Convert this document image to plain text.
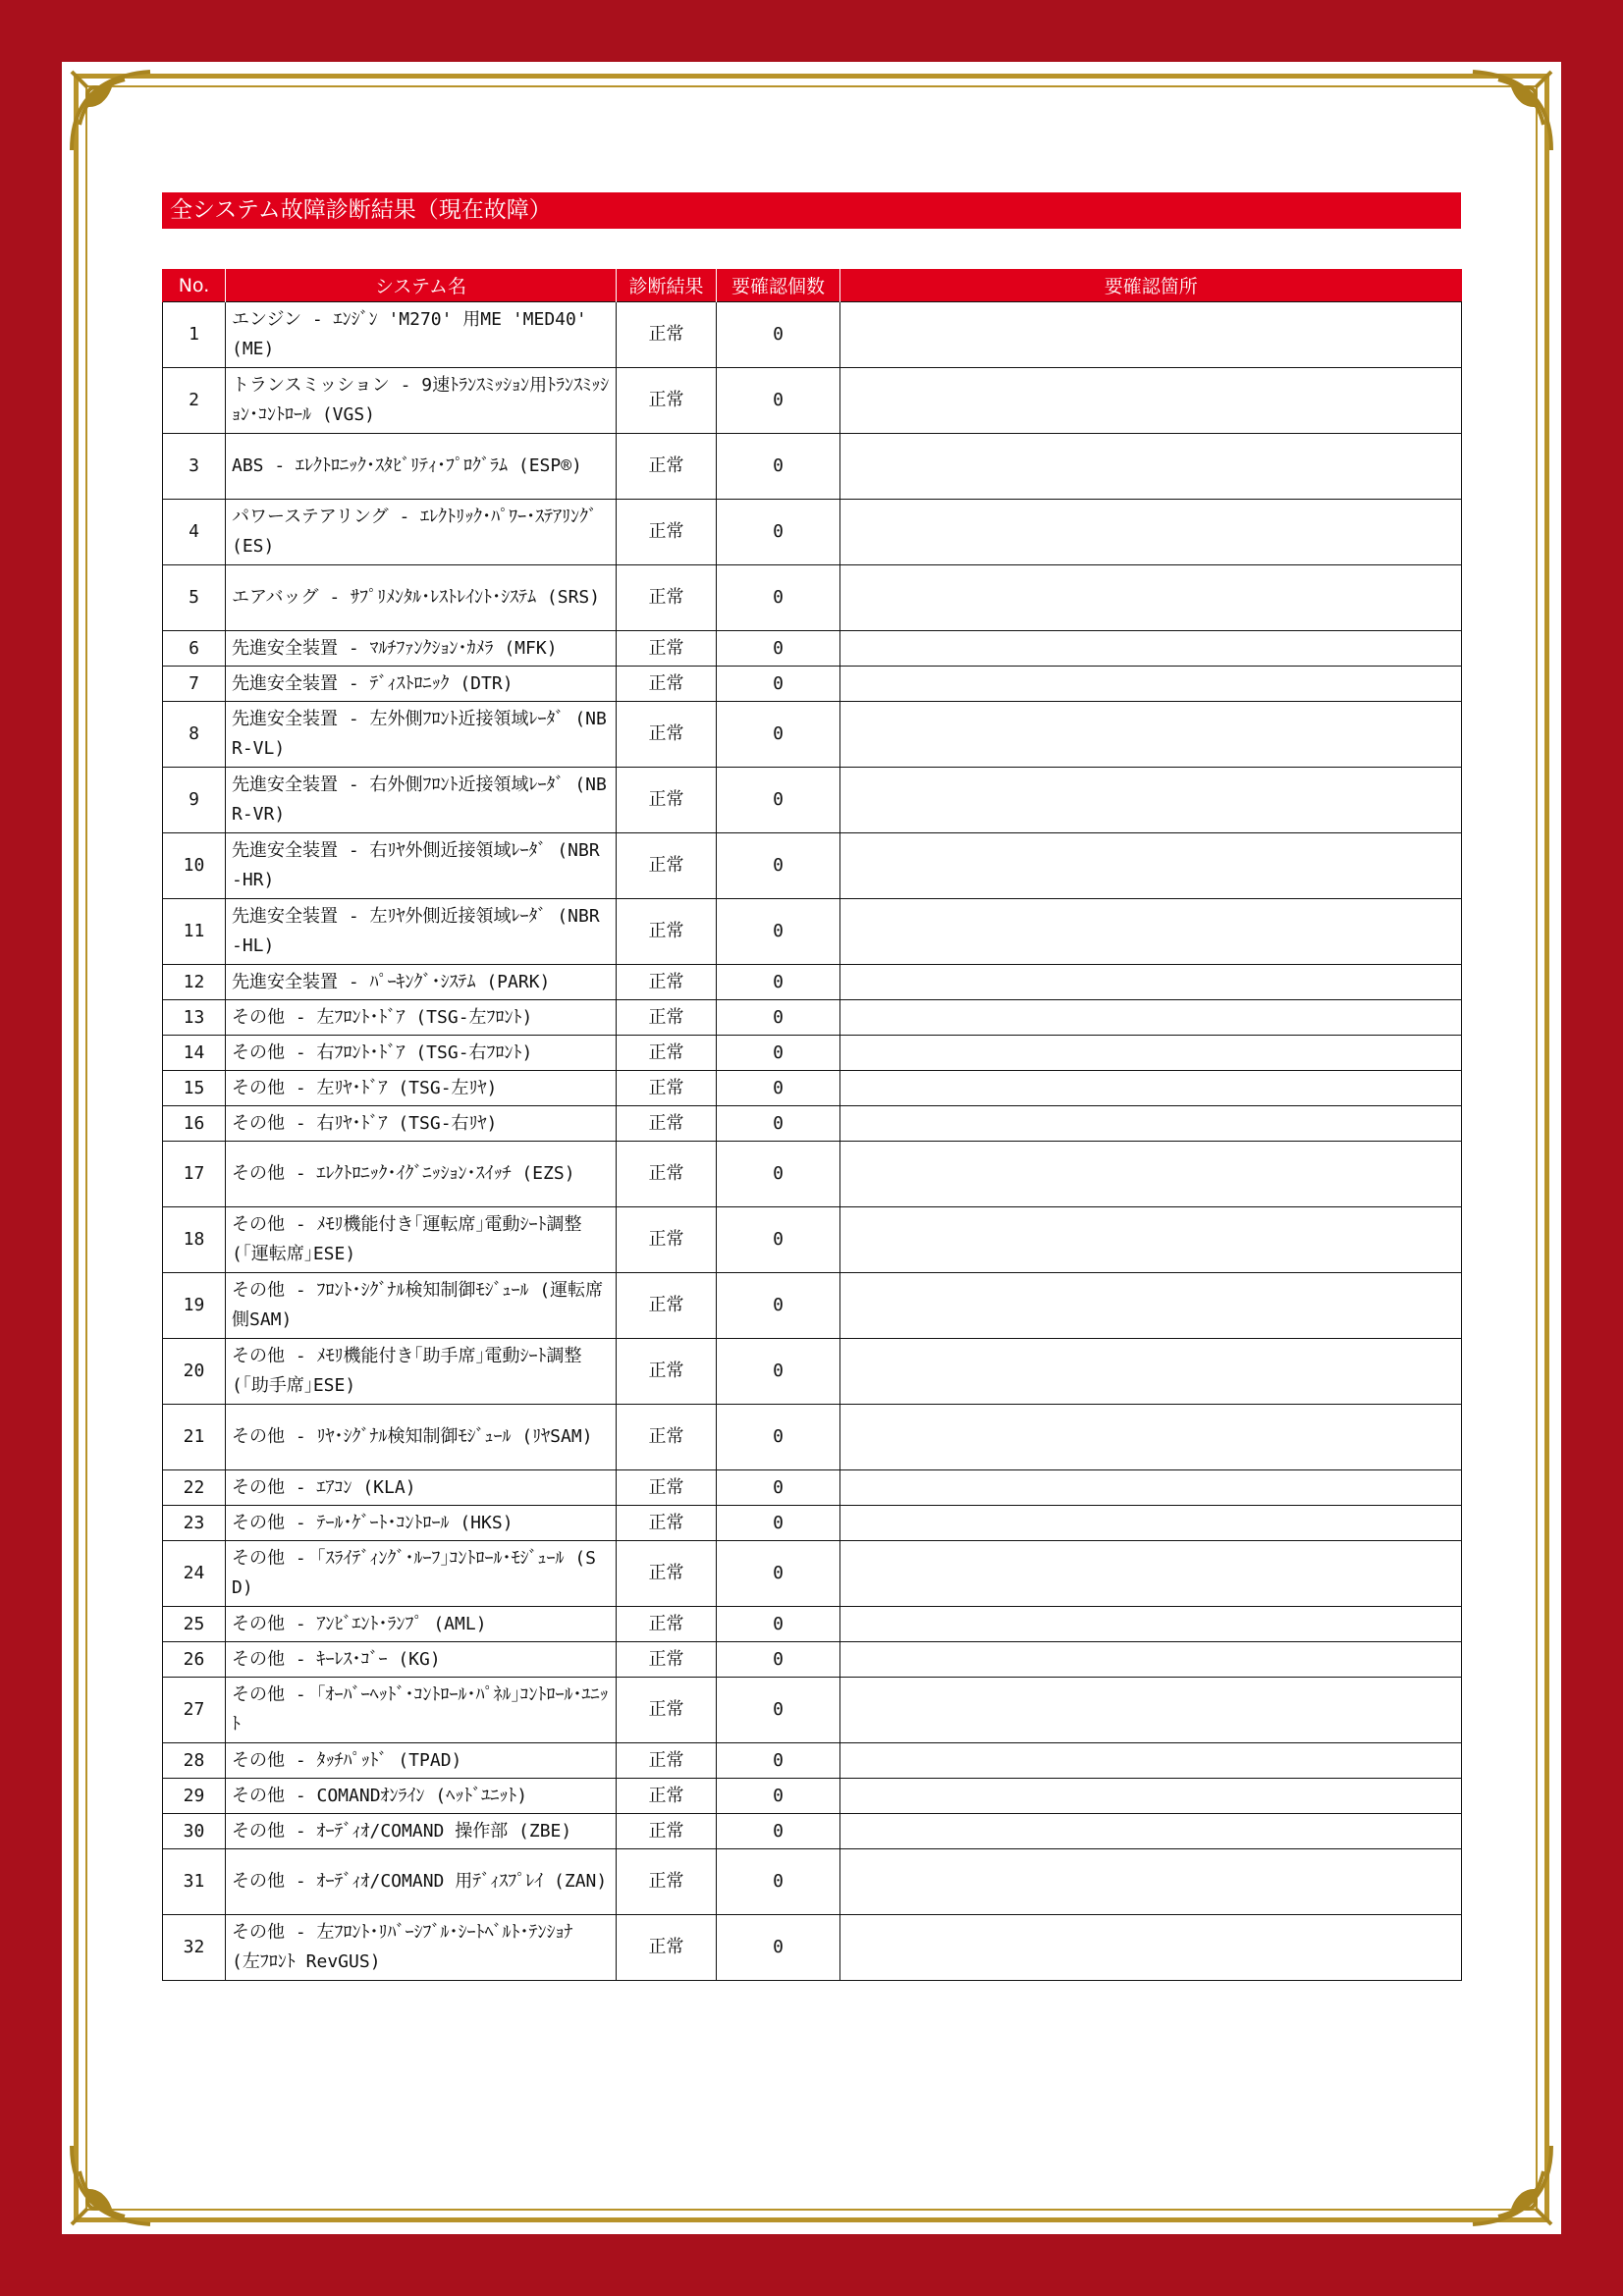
全システム故障診断結果（現在故障）
No.	システム名	診断結果	要確認個数	要確認箇所
1	エンジン - ｴﾝｼﾞﾝ 'M270' 用ME 'MED40' (ME)	正常	0	
2	トランスミッション - 9速ﾄﾗﾝｽﾐｯｼｮﾝ用ﾄﾗﾝｽﾐｯｼｮﾝ･ｺﾝﾄﾛｰﾙ (VGS)	正常	0	
3	ABS - ｴﾚｸﾄﾛﾆｯｸ･ｽﾀﾋﾞﾘﾃｨ･ﾌﾟﾛｸﾞﾗﾑ (ESP®)	正常	0	
4	パワーステアリング - ｴﾚｸﾄﾘｯｸ･ﾊﾟﾜｰ･ｽﾃｱﾘﾝｸﾞ (ES)	正常	0	
5	エアバッグ - ｻﾌﾟﾘﾒﾝﾀﾙ･ﾚｽﾄﾚｲﾝﾄ･ｼｽﾃﾑ (SRS)	正常	0	
6	先進安全装置 - ﾏﾙﾁﾌｧﾝｸｼｮﾝ･ｶﾒﾗ (MFK)	正常	0	
7	先進安全装置 - ﾃﾞｨｽﾄﾛﾆｯｸ (DTR)	正常	0	
8	先進安全装置 - 左外側ﾌﾛﾝﾄ近接領域ﾚｰﾀﾞ (NBR-VL)	正常	0	
9	先進安全装置 - 右外側ﾌﾛﾝﾄ近接領域ﾚｰﾀﾞ (NBR-VR)	正常	0	
10	先進安全装置 - 右ﾘﾔ外側近接領域ﾚｰﾀﾞ (NBR-HR)	正常	0	
11	先進安全装置 - 左ﾘﾔ外側近接領域ﾚｰﾀﾞ (NBR-HL)	正常	0	
12	先進安全装置 - ﾊﾟｰｷﾝｸﾞ･ｼｽﾃﾑ (PARK)	正常	0	
13	その他 - 左ﾌﾛﾝﾄ･ﾄﾞｱ (TSG-左ﾌﾛﾝﾄ)	正常	0	
14	その他 - 右ﾌﾛﾝﾄ･ﾄﾞｱ (TSG-右ﾌﾛﾝﾄ)	正常	0	
15	その他 - 左ﾘﾔ･ﾄﾞｱ (TSG-左ﾘﾔ)	正常	0	
16	その他 - 右ﾘﾔ･ﾄﾞｱ (TSG-右ﾘﾔ)	正常	0	
17	その他 - ｴﾚｸﾄﾛﾆｯｸ･ｲｸﾞﾆｯｼｮﾝ･ｽｲｯﾁ (EZS)	正常	0	
18	その他 - ﾒﾓﾘ機能付き｢運転席｣電動ｼｰﾄ調整 (｢運転席｣ESE)	正常	0	
19	その他 - ﾌﾛﾝﾄ･ｼｸﾞﾅﾙ検知制御ﾓｼﾞｭｰﾙ (運転席側SAM)	正常	0	
20	その他 - ﾒﾓﾘ機能付き｢助手席｣電動ｼｰﾄ調整 (｢助手席｣ESE)	正常	0	
21	その他 - ﾘﾔ･ｼｸﾞﾅﾙ検知制御ﾓｼﾞｭｰﾙ (ﾘﾔSAM)	正常	0	
22	その他 - ｴｱｺﾝ (KLA)	正常	0	
23	その他 - ﾃｰﾙ･ｹﾞｰﾄ･ｺﾝﾄﾛｰﾙ (HKS)	正常	0	
24	その他 - ｢ｽﾗｲﾃﾞｨﾝｸﾞ･ﾙｰﾌ｣ｺﾝﾄﾛｰﾙ･ﾓｼﾞｭｰﾙ (SD)	正常	0	
25	その他 - ｱﾝﾋﾞｴﾝﾄ･ﾗﾝﾌﾟ (AML)	正常	0	
26	その他 - ｷｰﾚｽ･ｺﾞｰ (KG)	正常	0	
27	その他 - ｢ｵｰﾊﾞｰﾍｯﾄﾞ･ｺﾝﾄﾛｰﾙ･ﾊﾟﾈﾙ｣ｺﾝﾄﾛｰﾙ･ﾕﾆｯﾄ	正常	0	
28	その他 - ﾀｯﾁﾊﾟｯﾄﾞ (TPAD)	正常	0	
29	その他 - COMANDｵﾝﾗｲﾝ (ﾍｯﾄﾞﾕﾆｯﾄ)	正常	0	
30	その他 - ｵｰﾃﾞｨｵ/COMAND 操作部 (ZBE)	正常	0	
31	その他 - ｵｰﾃﾞｨｵ/COMAND 用ﾃﾞｨｽﾌﾟﾚｲ (ZAN)	正常	0	
32	その他 - 左ﾌﾛﾝﾄ･ﾘﾊﾞｰｼﾌﾞﾙ･ｼｰﾄﾍﾞﾙﾄ･ﾃﾝｼｮﾅ (左ﾌﾛﾝﾄ RevGUS)	正常	0	
